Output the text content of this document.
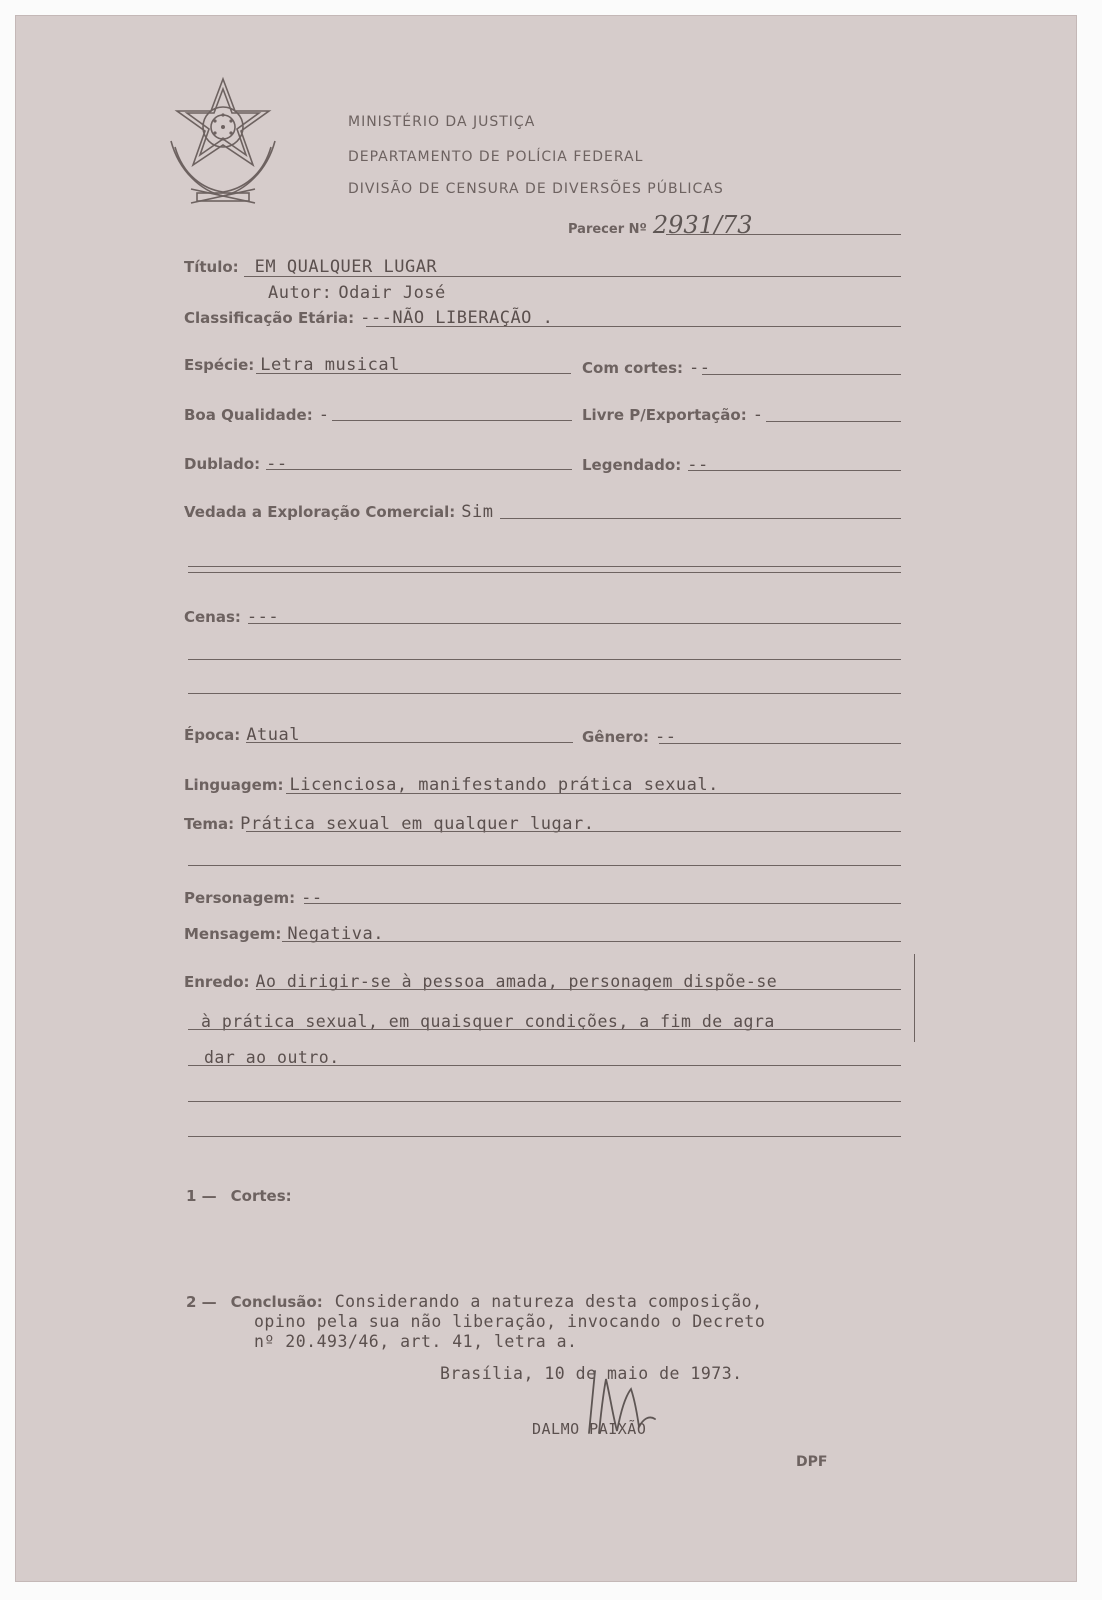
MINISTÉRIO DA JUSTIÇA
DEPARTAMENTO DE POLÍCIA FEDERAL
DIVISÃO DE CENSURA DE DIVERSÕES PÚBLICAS
Parecer Nº 2931/73
Título: EM QUALQUER LUGAR
Autor: Odair José
Classificação Etária: ---NÃO LIBERAÇÃO .
Espécie: Letra musical	Com cortes: --
Boa Qualidade: -	Livre P/Exportação: -
Dublado: --	Legendado: --
Vedada a Exploração Comercial: Sim
Cenas: ---
Época: Atual	Gênero: --
Linguagem: Licenciosa, manifestando prática sexual.
Tema: Prática sexual em qualquer lugar.
Personagem: --
Mensagem: Negativa.
Enredo: Ao dirigir-se à pessoa amada, personagem dispõe-se
à prática sexual, em quaisquer condições, a fim de agra
dar ao outro.
1 — Cortes:
2 — Conclusão: Considerando a natureza desta composição,
opino pela sua não liberação, invocando o Decreto
nº 20.493/46, art. 41, letra a.
Brasília, 10 de maio de 1973.
DALMO PAIXÃO
DPF
